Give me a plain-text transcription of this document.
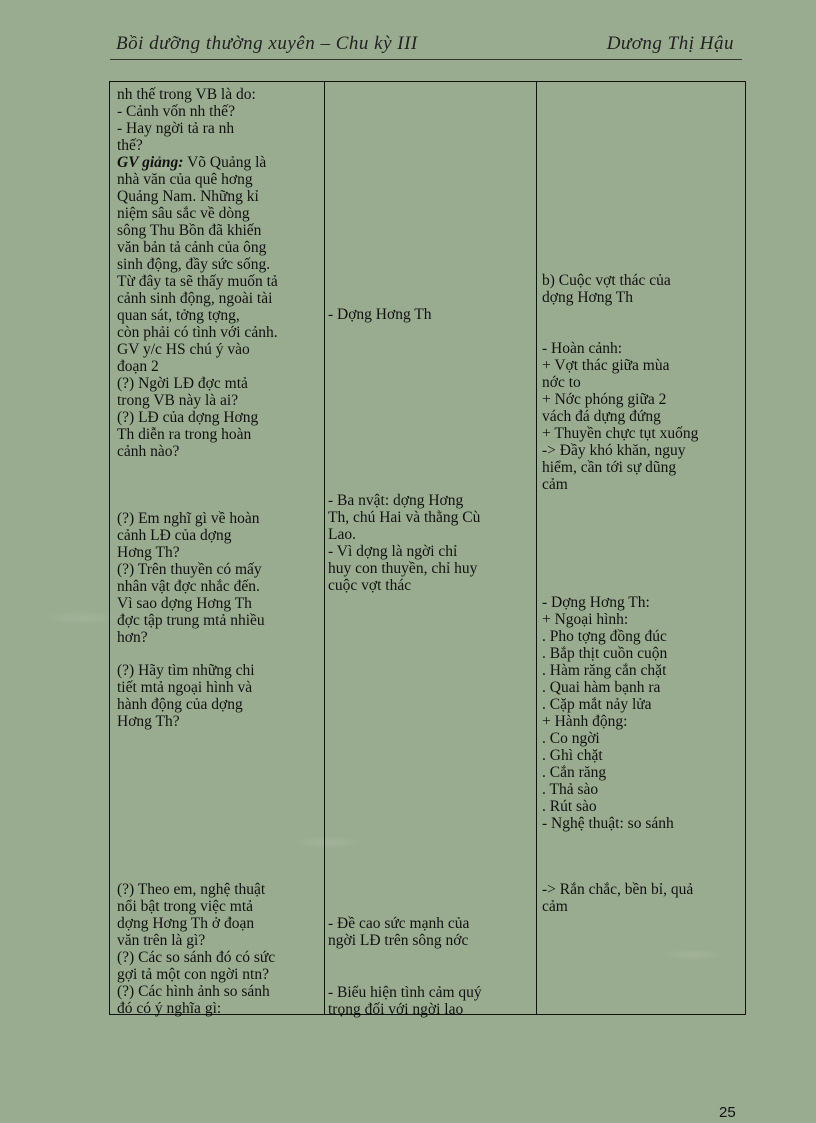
Bồi dưỡng thường xuyên – Chu kỳ III	Dương Thị Hậu
nh thế trong VB là do:
- Cảnh vốn nh thế?
- Hay ngời tả ra nh
thế?
GV giảng: Võ Quảng là
nhà văn của quê hơng
Quảng Nam. Những kỉ
niệm sâu sắc về dòng
sông Thu Bồn đã khiến
văn bản tả cảnh của ông
sinh động, đầy sức sống.
Từ đây ta sẽ thấy muốn tả
cảnh sinh động, ngoài tài
quan sát, tởng tợng,
còn phải có tình với cảnh.
GV y/c HS chú ý vào
đoạn 2
(?) Ngời LĐ đợc mtả
trong VB này là ai?
(?) LĐ của dợng Hơng
Th diễn ra trong hoàn
cảnh nào?
(?) Em nghĩ gì về hoàn
cảnh LĐ của dợng
Hơng Th?
(?) Trên thuyền có mấy
nhân vật đợc nhắc đến.
Vì sao dợng Hơng Th
đợc tập trung mtả nhiều
hơn?
(?) Hãy tìm những chi
tiết mtả ngoại hình và
hành động của dợng
Hơng Th?
(?) Theo em, nghệ thuật
nổi bật trong việc mtả
dợng Hơng Th ở đoạn
văn trên là gì?
(?) Các so sánh đó có sức
gợi tả một con ngời ntn?
(?) Các hình ảnh so sánh
đó có ý nghĩa gì:
- Dợng Hơng Th
- Ba nvật: dợng Hơng
Th, chú Hai và thằng Cù
Lao.
- Vì dợng là ngời chỉ
huy con thuyền, chỉ huy
cuộc vợt thác
- Đề cao sức mạnh của
ngời LĐ trên sông nớc
- Biểu hiện tình cảm quý
trọng đối với ngời lao
b) Cuộc vợt thác của
dợng Hơng Th
- Hoàn cảnh:
+ Vợt thác giữa mùa
nớc to
+ Nớc phóng giữa 2
vách đá dựng đứng
+ Thuyền chực tụt xuống
-> Đầy khó khăn, nguy
hiểm, cần tới sự dũng
cảm
- Dợng Hơng Th:
+ Ngoại hình:
. Pho tợng đồng đúc
. Bắp thịt cuồn cuộn
. Hàm răng cắn chặt
. Quai hàm bạnh ra
. Cặp mắt nảy lửa
+ Hành động:
. Co ngời
. Ghì chặt
. Cắn răng
. Thả sào
. Rút sào
- Nghệ thuật: so sánh
-> Rắn chắc, bền bỉ, quả
cảm
25
